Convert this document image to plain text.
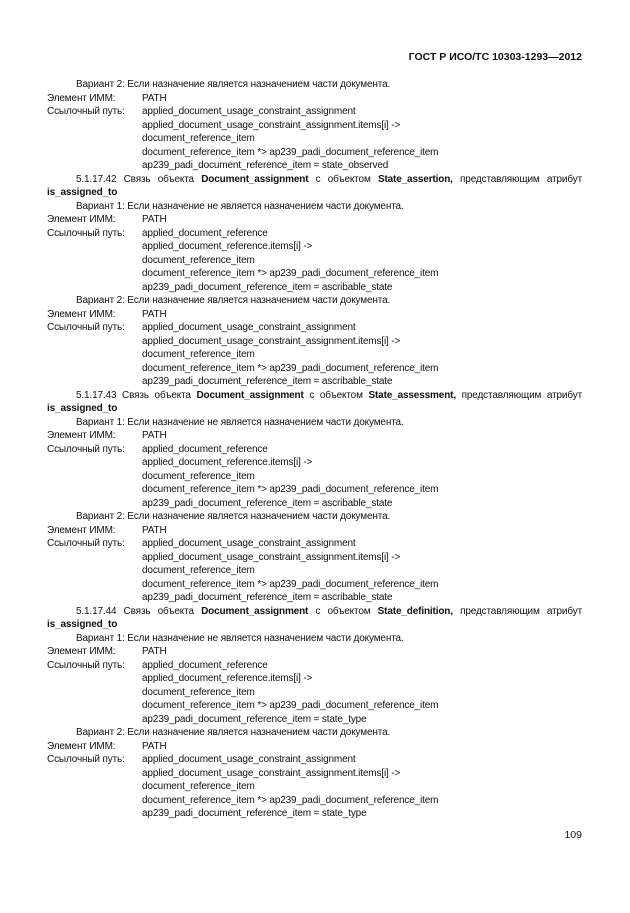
ГОСТ Р ИСО/ТС 10303-1293—2012
Вариант 2: Если назначение является назначением части документа.
Элемент ИММ:	PATH
Ссылочный путь: applied_document_usage_constraint_assignment
applied_document_usage_constraint_assignment.items[i] ->
document_reference_item
document_reference_item *> ap239_padi_document_reference_item
ap239_padi_document_reference_item = state_observed
5.1.17.42 Связь объекта Document_assignment с объектом State_assertion, представляющим атрибут is_assigned_to
Вариант 1: Если назначение не является назначением части документа.
Элемент ИММ:	PATH
Ссылочный путь: applied_document_reference
applied_document_reference.items[i] ->
document_reference_item
document_reference_item *> ap239_padi_document_reference_item
ap239_padi_document_reference_item = ascribable_state
Вариант 2: Если назначение является назначением части документа.
Элемент ИММ:	PATH
Ссылочный путь: applied_document_usage_constraint_assignment
applied_document_usage_constraint_assignment.items[i] ->
document_reference_item
document_reference_item *> ap239_padi_document_reference_item
ap239_padi_document_reference_item = ascribable_state
5.1.17.43 Связь объекта Document_assignment с объектом State_assessment, представляющим атрибут is_assigned_to
Вариант 1: Если назначение не является назначением части документа.
Элемент ИММ:	PATH
Ссылочный путь: applied_document_reference
applied_document_reference.items[i] ->
document_reference_item
document_reference_item *> ap239_padi_document_reference_item
ap239_padi_document_reference_item = ascribable_state
Вариант 2: Если назначение является назначением части документа.
Элемент ИММ:	PATH
Ссылочный путь: applied_document_usage_constraint_assignment
applied_document_usage_constraint_assignment.items[i] ->
document_reference_item
document_reference_item *> ap239_padi_document_reference_item
ap239_padi_document_reference_item = ascribable_state
5.1.17.44 Связь объекта Document_assignment с объектом State_definition, представляющим атрибут is_assigned_to
Вариант 1: Если назначение не является назначением части документа.
Элемент ИММ:	PATH
Ссылочный путь: applied_document_reference
applied_document_reference.items[i] ->
document_reference_item
document_reference_item *> ap239_padi_document_reference_item
ap239_padi_document_reference_item = state_type
Вариант 2: Если назначение является назначением части документа.
Элемент ИММ:	PATH
Ссылочный путь: applied_document_usage_constraint_assignment
applied_document_usage_constraint_assignment.items[i] ->
document_reference_item
document_reference_item *> ap239_padi_document_reference_item
ap239_padi_document_reference_item = state_type
109
